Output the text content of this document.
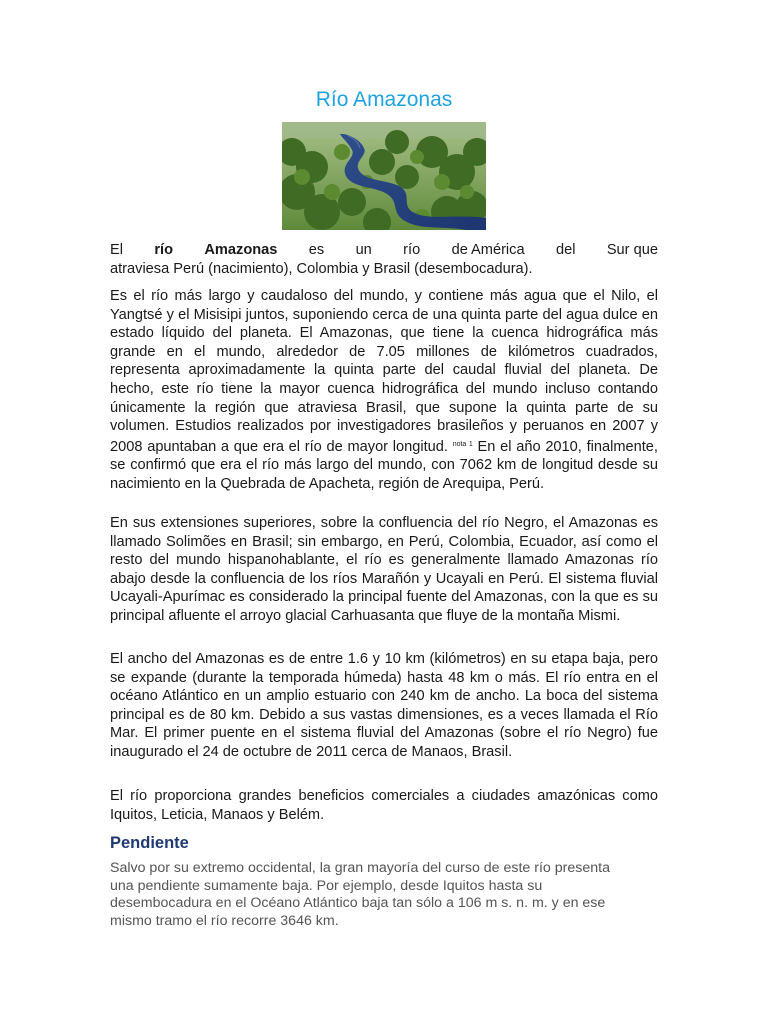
Río Amazonas
El río Amazonas es un río de América del Sur que
atraviesa Perú (nacimiento), Colombia y Brasil (desembocadura).
Es el río más largo y caudaloso del mundo, y contiene más agua que el Nilo, el Yangtsé y el Misisipi juntos, suponiendo cerca de una quinta parte del agua dulce en estado líquido del planeta. El Amazonas, que tiene la cuenca hidrográfica más grande en el mundo, alrededor de 7.05 millones de kilómetros cuadrados, representa aproximadamente la quinta parte del caudal fluvial del planeta. De hecho, este río tiene la mayor cuenca hidrográfica del mundo incluso contando únicamente la región que atraviesa Brasil, que supone la quinta parte de su volumen. Estudios realizados por investigadores brasileños y peruanos en 2007 y 2008 apuntaban a que era el río de mayor longitud. $^{nota 1}$ En el año 2010, finalmente, se confirmó que era el río más largo del mundo, con 7062 km de longitud desde su nacimiento en la Quebrada de Apacheta, región de Arequipa, Perú.
En sus extensiones superiores, sobre la confluencia del río Negro, el Amazonas es llamado Solimões en Brasil; sin embargo, en Perú, Colombia, Ecuador, así como el resto del mundo hispanohablante, el río es generalmente llamado Amazonas río abajo desde la confluencia de los ríos Marañón y Ucayali en Perú. El sistema fluvial Ucayali-Apurímac es considerado la principal fuente del Amazonas, con la que es su principal afluente el arroyo glacial Carhuasanta que fluye de la montaña Mismi.
El ancho del Amazonas es de entre 1.6 y 10 km (kilómetros) en su etapa baja, pero se expande (durante la temporada húmeda) hasta 48 km o más. El río entra en el océano Atlántico en un amplio estuario con 240 km de ancho. La boca del sistema principal es de 80 km. Debido a sus vastas dimensiones, es a veces llamada el Río Mar. El primer puente en el sistema fluvial del Amazonas (sobre el río Negro) fue inaugurado el 24 de octubre de 2011 cerca de Manaos, Brasil.
El río proporciona grandes beneficios comerciales a ciudades amazónicas como Iquitos, Leticia, Manaos y Belém.
Pendiente
Salvo por su extremo occidental, la gran mayoría del curso de este río presenta
una pendiente sumamente baja. Por ejemplo, desde Iquitos hasta su
desembocadura en el Océano Atlántico baja tan sólo a 106 m s. n. m. y en ese
mismo tramo el río recorre 3646 km.
